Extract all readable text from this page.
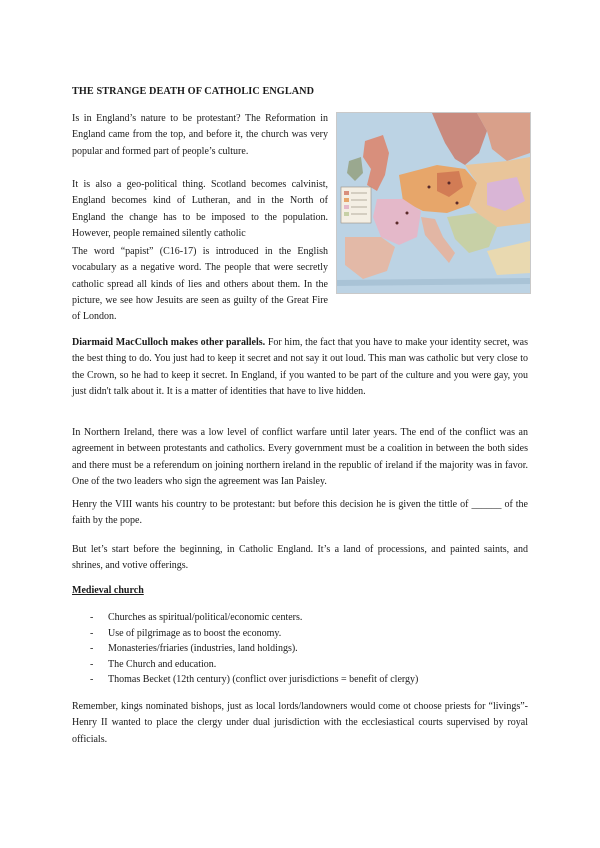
THE STRANGE DEATH OF CATHOLIC ENGLAND

Is in England’s nature to be protestant? The Reformation in England came from the top, and before it, the church was very popular and formed part of people’s culture.

It is also a geo-political thing. Scotland becomes calvinist, England becomes kind of Lutheran, and in the North of England the change has to be imposed to the population. However, people remained silently catholic

The word “papist” (C16-17) is introduced in the English vocabulary as a negative word. The people that were secretly catholic spread all kinds of lies and others about them. In the picture, we see how Jesuits are seen as guilty of the Great Fire of London.

Diarmaid MacCulloch makes other parallels. For him, the fact that you have to make your identity secret, was the best thing to do. You just had to keep it secret and not say it out loud. This man was catholic but very close to the Crown, so he had to keep it secret. In England, if you wanted to be part of the culture and you were gay, you just didn't talk about it. It is a matter of identities that have to live hidden.

In Northern Ireland, there was a low level of conflict warfare until later years. The end of the conflict was an agreement in between protestants and catholics. Every government must be a coalition in between the both sides and there must be a referendum on joining northern ireland in the republic of ireland if the majority was in favor. One of the two leaders who sign the agreement was Ian Paisley.

Henry the VIII wants his country to be protestant: but before this decision he is given the tittle of ______ of the faith by the pope.

But let’s start before the beginning, in Catholic England. It’s a land of processions, and painted saints, and shrines, and votive offerings.

Medieval church
- Churches as spiritual/political/economic centers.
- Use of pilgrimage as to boost the economy.
- Monasteries/friaries (industries, land holdings).
- The Church and education.
- Thomas Becket (12th century) (conflict over jurisdictions = benefit of clergy)

Remember, kings nominated bishops, just as local lords/landowners would come ot choose priests for “livings”- Henry II wanted to place the clergy under dual jurisdiction with the ecclesiastical courts supervised by royal officials.
